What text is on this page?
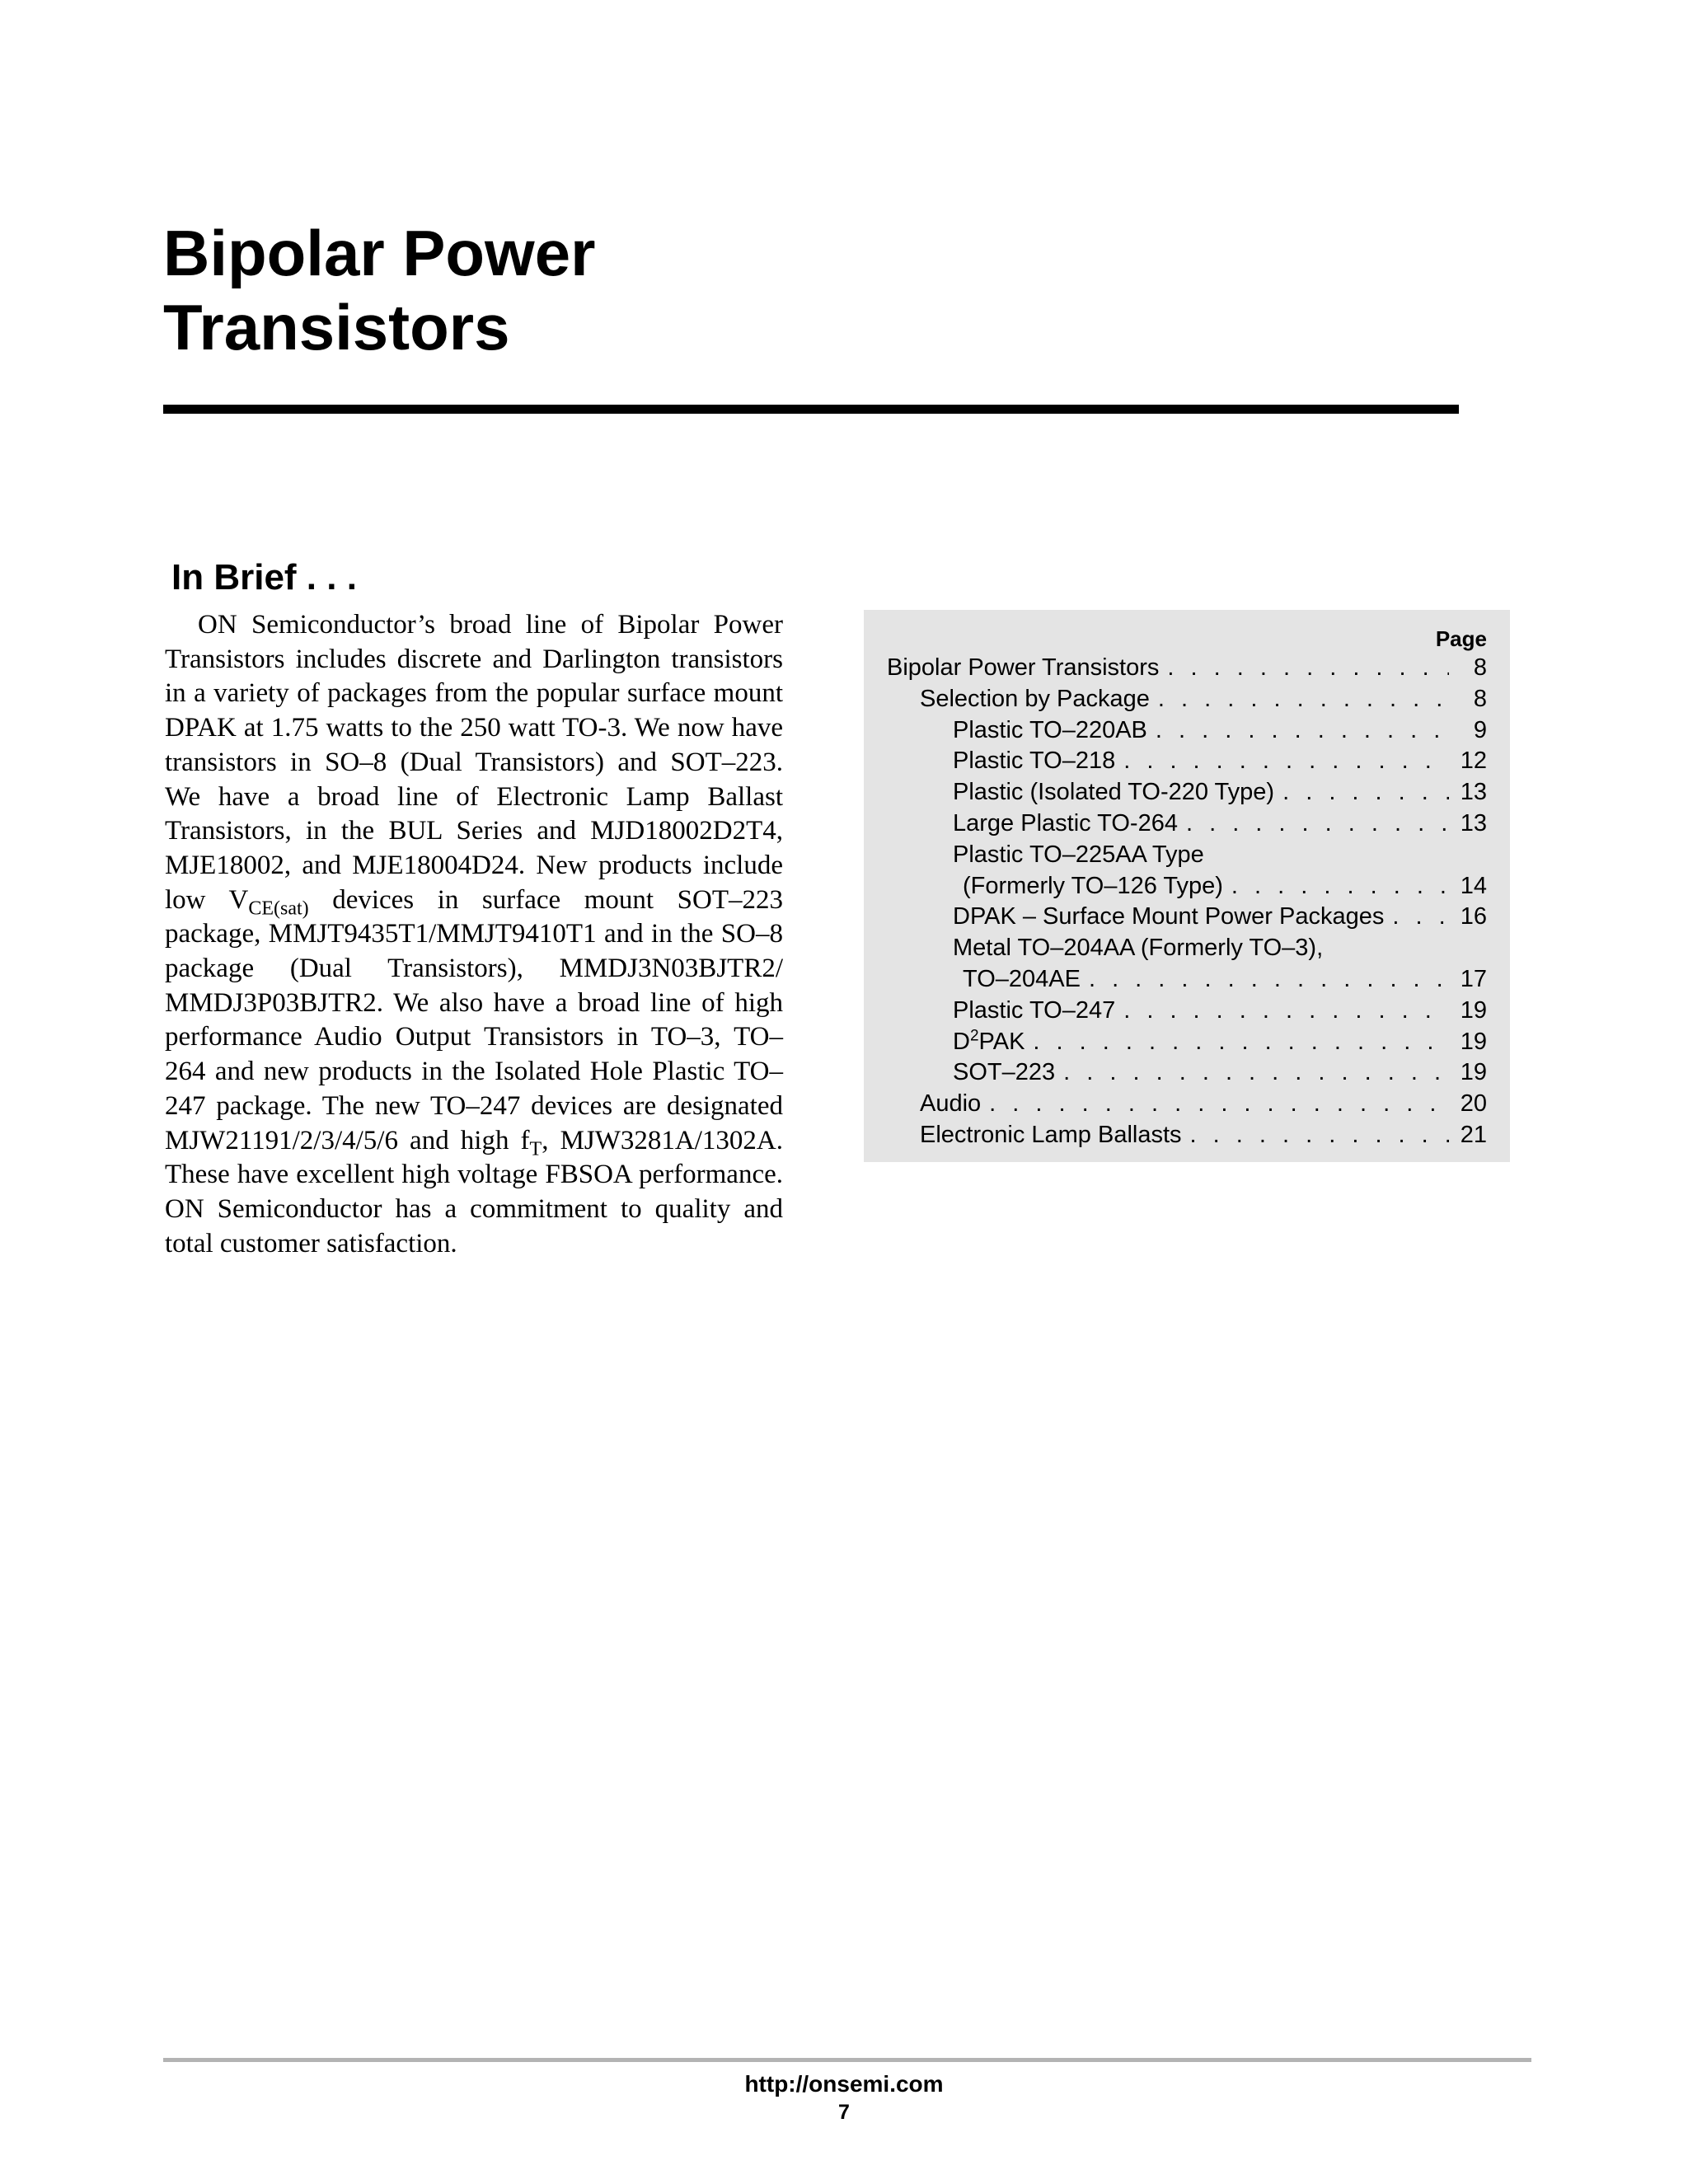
Bipolar Power
Transistors
In Brief . . .

ON Semiconductor’s broad line of Bipolar Power Transistors includes discrete and Darlington transistors in a variety of packages from the popular surface mount DPAK at 1.75 watts to the 250 watt TO-3. We now have transistors in SO–8 (Dual Transistors) and SOT–223. We have a broad line of Electronic Lamp Ballast Transistors, in the BUL Series and MJD18002D2T4, MJE18002, and MJE18004D24. New products include low $V_{CE(sat)}$ devices in surface mount SOT–223 package, MMJT9435T1/MMJT9410T1 and in the SO–8 package (Dual Transistors), MMDJ3N03BJTR2/ MMDJ3P03BJTR2. We also have a broad line of high performance Audio Output Transistors in TO–3, TO–264 and new products in the Isolated Hole Plastic TO–247 package. The new TO–247 devices are designated MJW21191/2/3/4/5/6 and high $f_T$, MJW3281A/1302A. These have excellent high voltage FBSOA performance. ON Semiconductor has a commitment to quality and total customer satisfaction.

Page
Bipolar Power Transistors . . .	8
Selection by Package . . .	8
Plastic TO–220AB . . .	9
Plastic TO–218 . . .	12
Plastic (Isolated TO-220 Type) . . .	13
Large Plastic TO-264 . . .	13
Plastic TO–225AA Type
(Formerly TO–126 Type) . . .	14
DPAK – Surface Mount Power Packages . . .	16
Metal TO–204AA (Formerly TO–3),
TO–204AE . . .	17
Plastic TO–247 . . .	19
$D^2PAK$ . . .	19
SOT–223 . . .	19
Audio . . .	20
Electronic Lamp Ballasts . . .	21
http://onsemi.com
7
